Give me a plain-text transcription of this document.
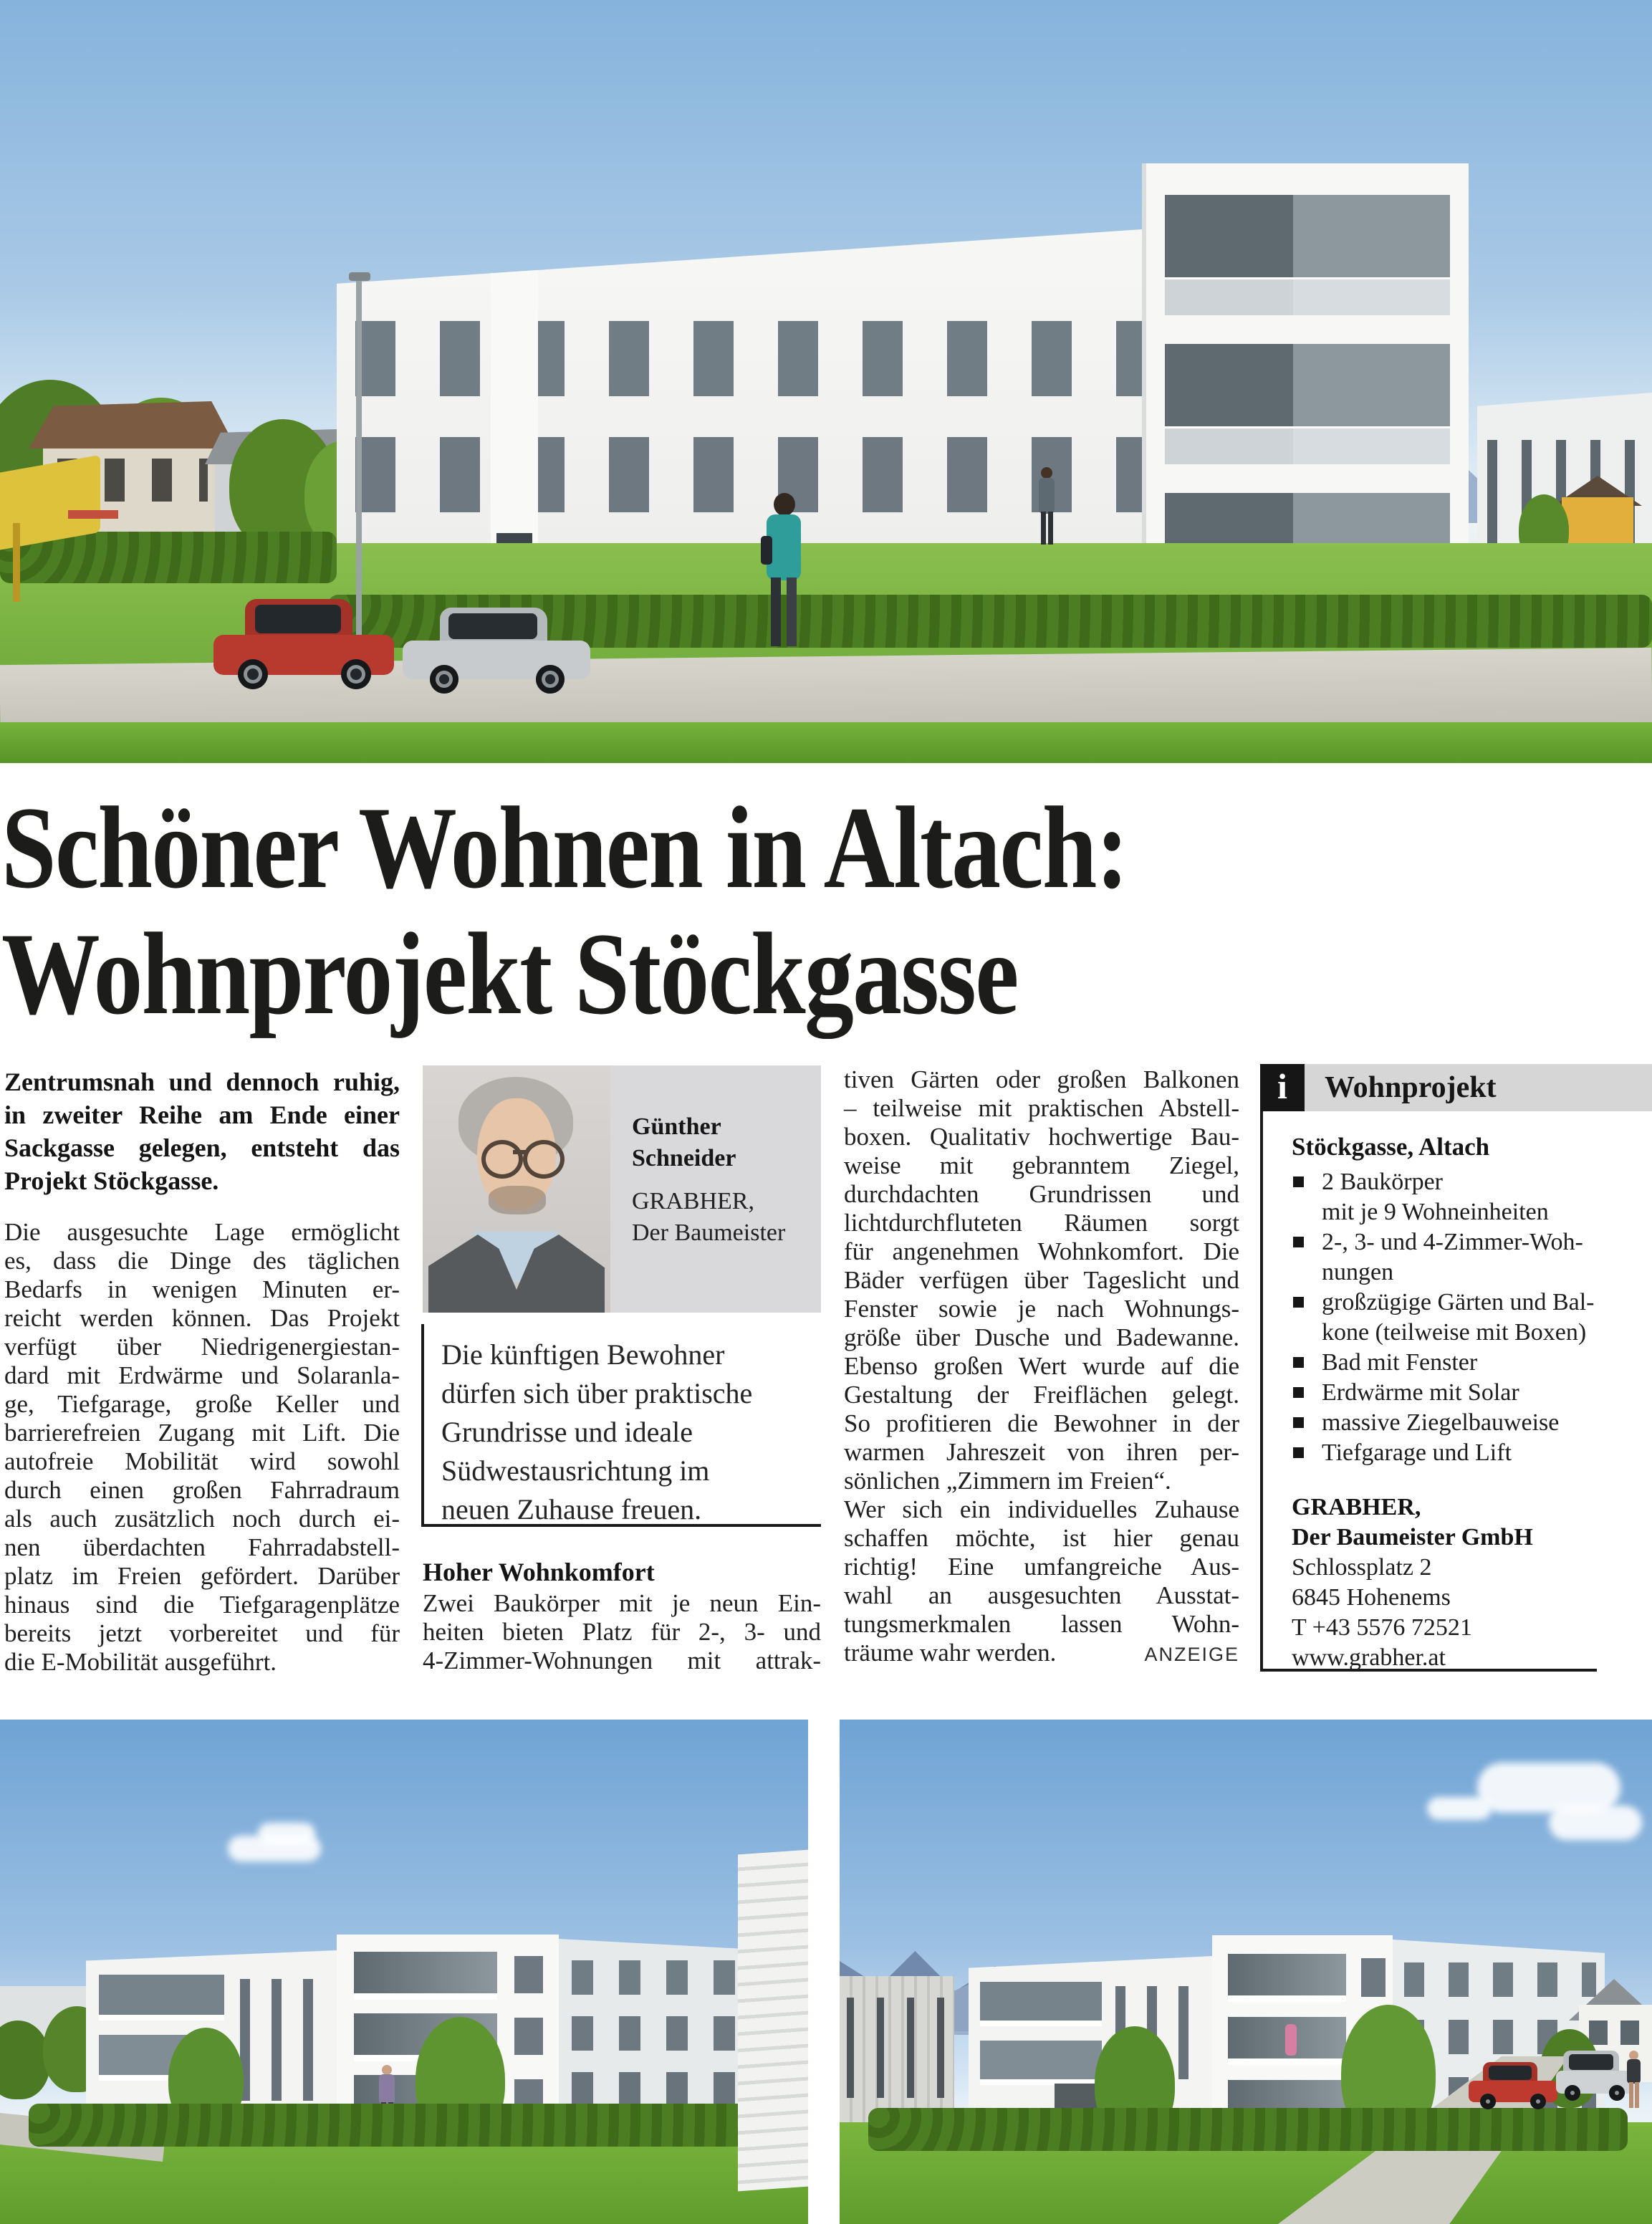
Schöner Wohnen in Altach:
Wohnprojekt Stöckgasse
Zentrumsnah und dennoch ruhig,
in zweiter Reihe am Ende einer
Sackgasse gelegen, entsteht das
Projekt Stöckgasse.
Die ausgesuchte Lage ermöglicht
es, dass die Dinge des täglichen
Bedarfs in wenigen Minuten er-
reicht werden können. Das Projekt
verfügt über Niedrigenergiestan-
dard mit Erdwärme und Solaranla-
ge, Tiefgarage, große Keller und
barrierefreien Zugang mit Lift. Die
autofreie Mobilität wird sowohl
durch einen großen Fahrradraum
als auch zusätzlich noch durch ei-
nen überdachten Fahrradabstell-
platz im Freien gefördert. Darüber
hinaus sind die Tiefgaragenplätze
bereits jetzt vorbereitet und für
die E-Mobilität ausgeführt.
Günther
Schneider
GRABHER,
Der Baumeister
Die künftigen Bewohner
dürfen sich über praktische
Grundrisse und ideale
Südwestausrichtung im
neuen Zuhause freuen.
Hoher Wohnkomfort
Zwei Baukörper mit je neun Ein-
heiten bieten Platz für 2-, 3- und
4-Zimmer-Wohnungen mit attrak-
tiven Gärten oder großen Balkonen
– teilweise mit praktischen Abstell-
boxen. Qualitativ hochwertige Bau-
weise mit gebranntem Ziegel,
durchdachten Grundrissen und
lichtdurchfluteten Räumen sorgt
für angenehmen Wohnkomfort. Die
Bäder verfügen über Tageslicht und
Fenster sowie je nach Wohnungs-
größe über Dusche und Badewanne.
Ebenso großen Wert wurde auf die
Gestaltung der Freiflächen gelegt.
So profitieren die Bewohner in der
warmen Jahreszeit von ihren per-
sönlichen „Zimmern im Freien“.
Wer sich ein individuelles Zuhause
schaffen möchte, ist hier genau
richtig! Eine umfangreiche Aus-
wahl an ausgesuchten Ausstat-
tungsmerkmalen lassen Wohn-
träume wahr werden.	ANZEIGE
i	Wohnprojekt
Stöckgasse, Altach
2 Baukörper
mit je 9 Wohneinheiten
2-, 3- und 4-Zimmer-Woh-
nungen
großzügige Gärten und Bal-
kone (teilweise mit Boxen)
Bad mit Fenster
Erdwärme mit Solar
massive Ziegelbauweise
Tiefgarage und Lift
GRABHER,
Der Baumeister GmbH
Schlossplatz 2
6845 Hohenems
T +43 5576 72521
www.grabher.at
